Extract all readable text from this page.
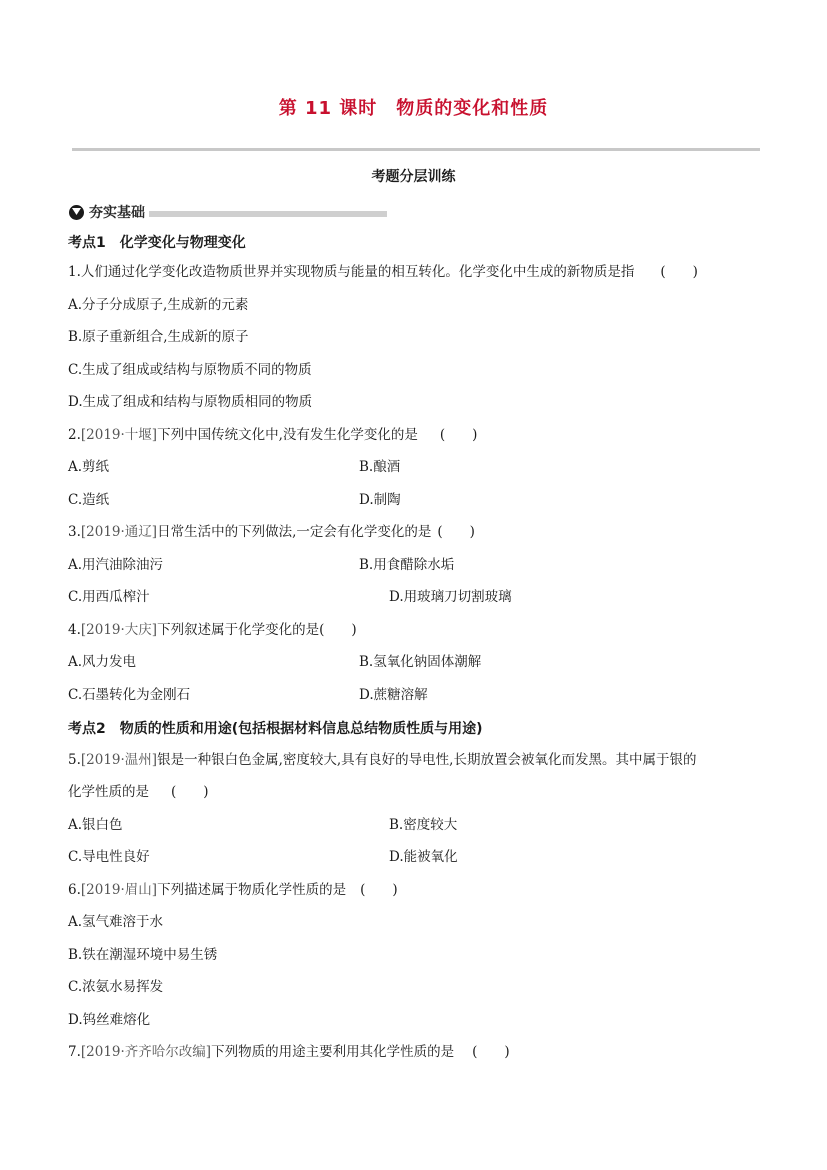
第 11 课时　物质的变化和性质
考题分层训练
夯实基础
考点1 化学变化与物理变化
1.人们通过化学变化改造物质世界并实现物质与能量的相互转化。化学变化中生成的新物质是指 (　　)
A.分子分成原子,生成新的元素
B.原子重新组合,生成新的原子
C.生成了组成或结构与原物质不同的物质
D.生成了组成和结构与原物质相同的物质
2.[2019·十堰]下列中国传统文化中,没有发生化学变化的是 (　　)
A.剪纸	B.酿酒
C.造纸	D.制陶
3.[2019·通辽]日常生活中的下列做法,一定会有化学变化的是 (　　)
A.用汽油除油污	B.用食醋除水垢
C.用西瓜榨汁	D.用玻璃刀切割玻璃
4.[2019·大庆]下列叙述属于化学变化的是(　　)
A.风力发电	B.氢氧化钠固体潮解
C.石墨转化为金刚石	D.蔗糖溶解
考点2 物质的性质和用途(包括根据材料信息总结物质性质与用途)
5.[2019·温州]银是一种银白色金属,密度较大,具有良好的导电性,长期放置会被氧化而发黑。其中属于银的
化学性质的是 (　　)
A.银白色	B.密度较大
C.导电性良好	D.能被氧化
6.[2019·眉山]下列描述属于物质化学性质的是 (　　)
A.氢气难溶于水
B.铁在潮湿环境中易生锈
C.浓氨水易挥发
D.钨丝难熔化
7.[2019·齐齐哈尔改编]下列物质的用途主要利用其化学性质的是 (　　)
